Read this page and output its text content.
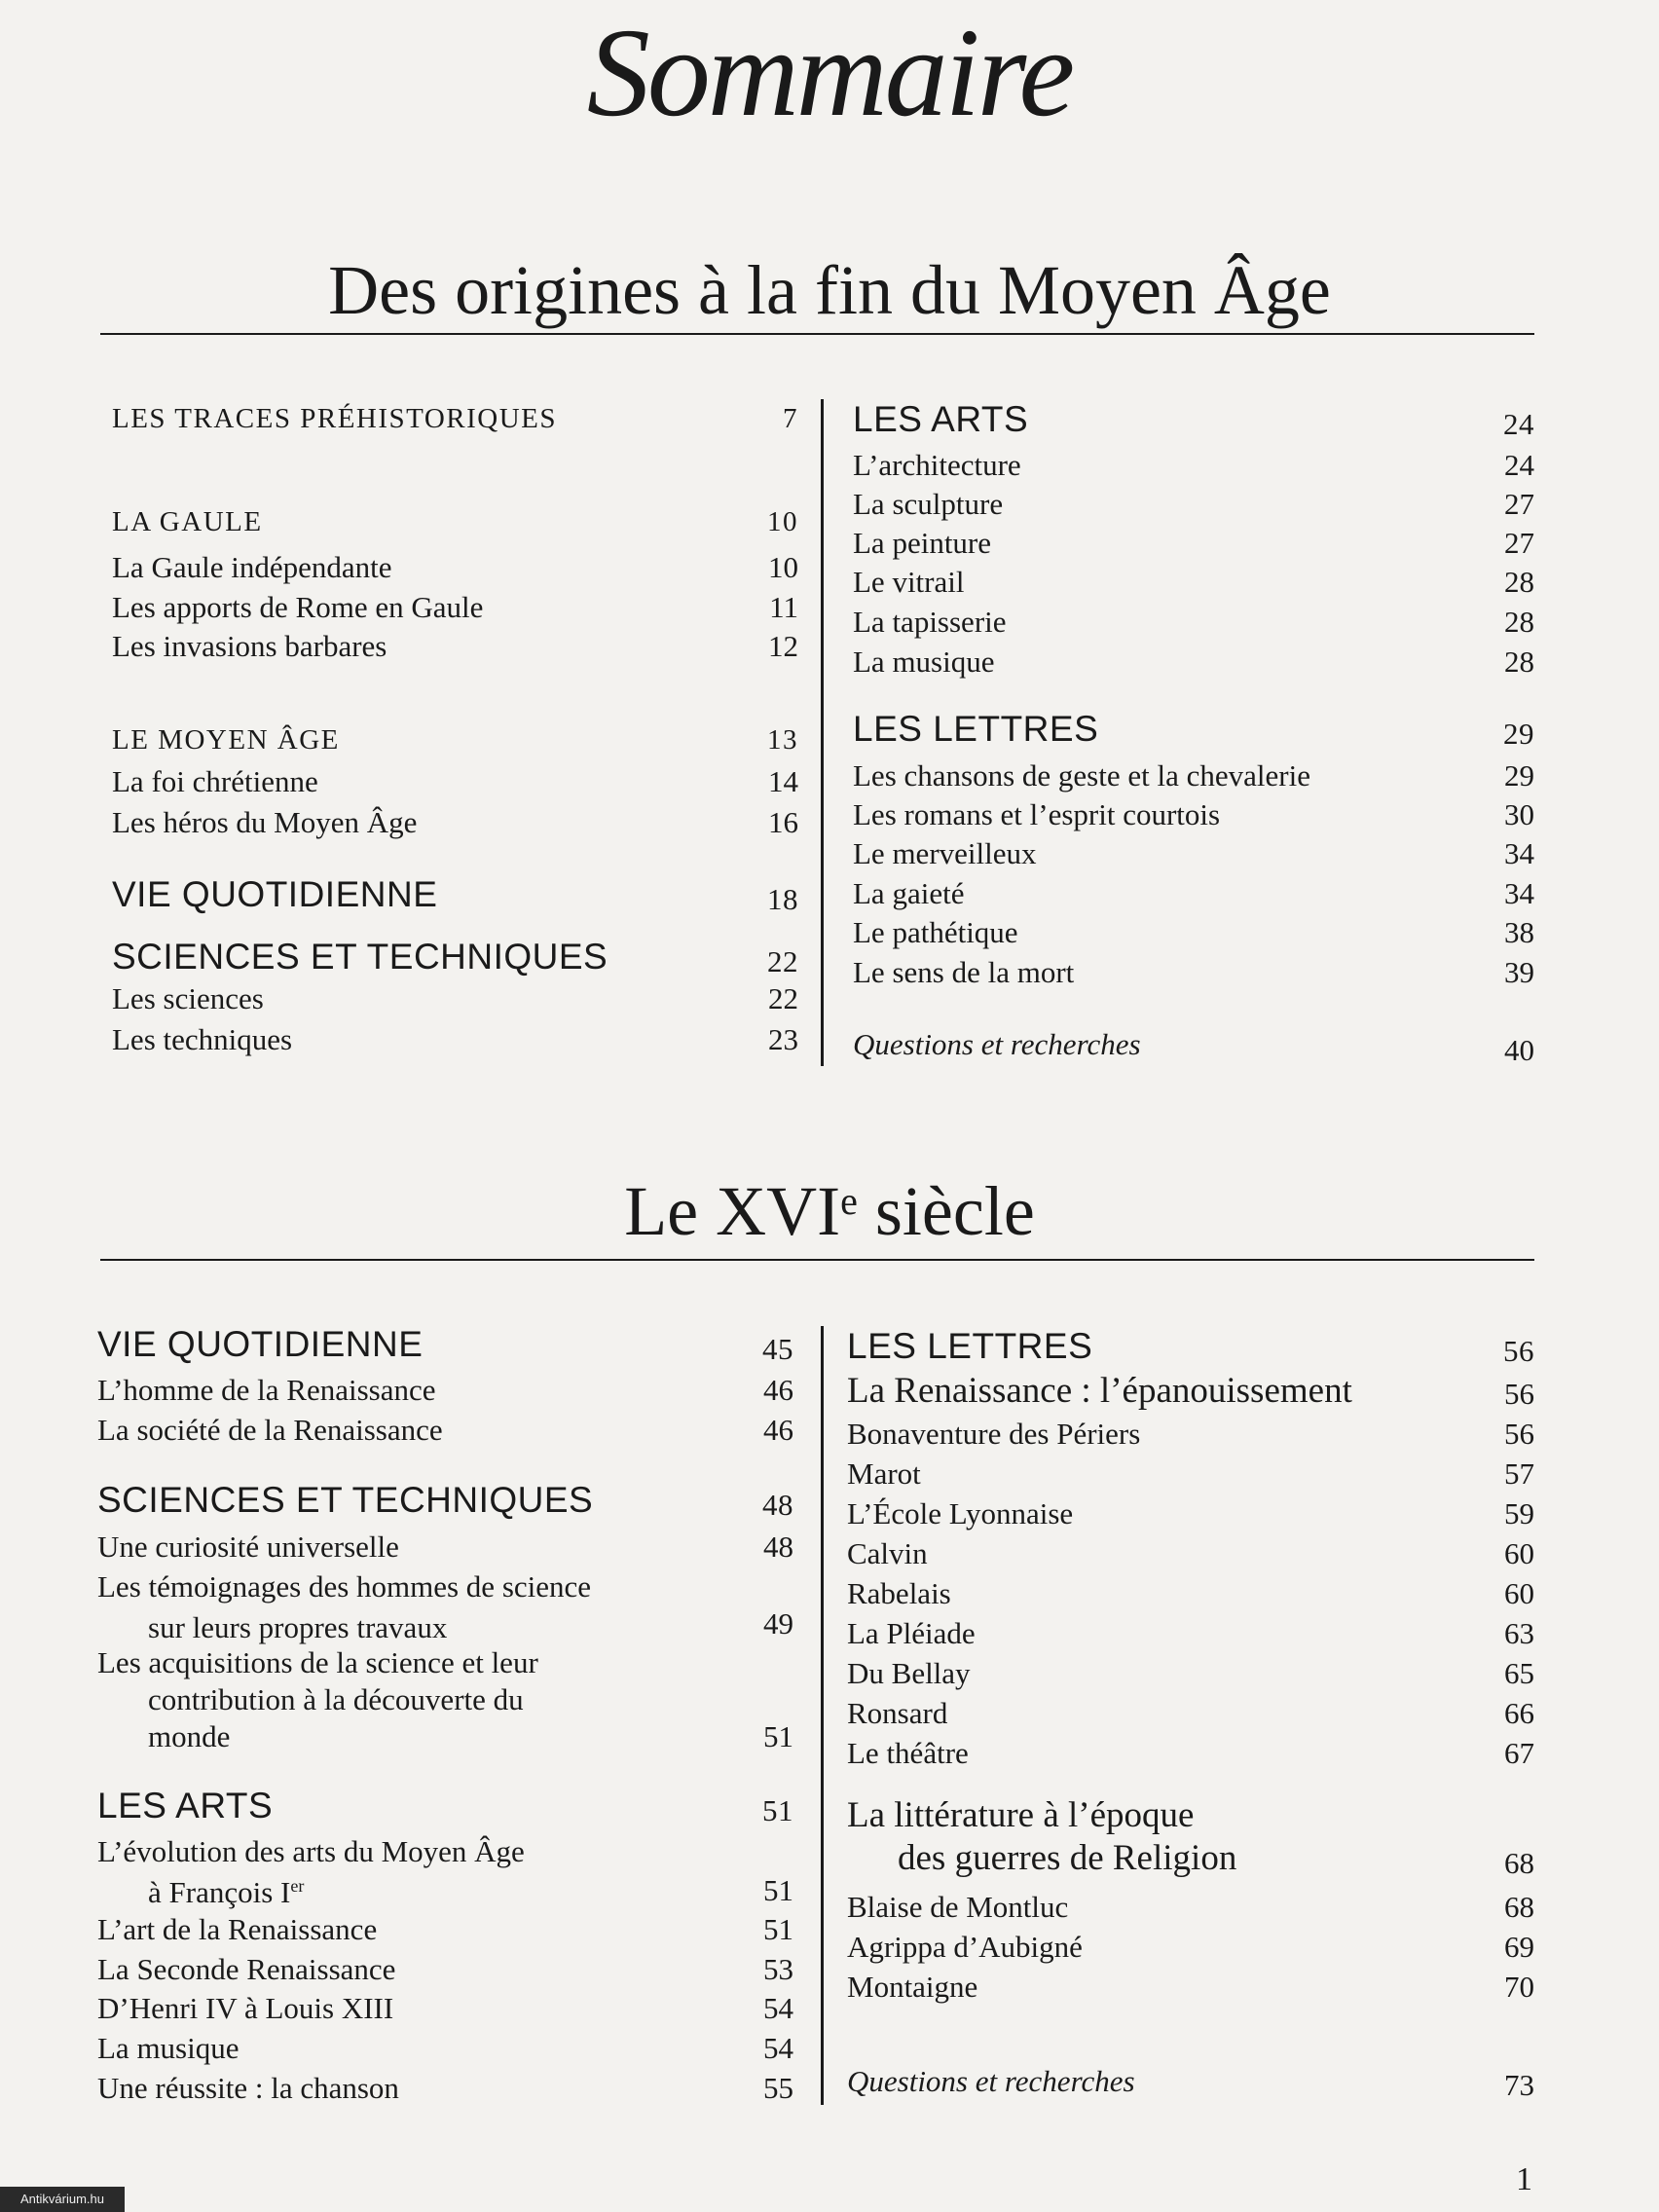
Sommaire
Des origines à la fin du Moyen Âge
LES TRACES PRÉHISTORIQUES	7
LA GAULE	10
La Gaule indépendante	10
Les apports de Rome en Gaule	11
Les invasions barbares	12
LE MOYEN ÂGE	13
La foi chrétienne	14
Les héros du Moyen Âge	16
VIE QUOTIDIENNE	18
SCIENCES ET TECHNIQUES	22
Les sciences	22
Les techniques	23
LES ARTS	24
L’architecture	24
La sculpture	27
La peinture	27
Le vitrail	28
La tapisserie	28
La musique	28
LES LETTRES	29
Les chansons de geste et la chevalerie	29
Les romans et l’esprit courtois	30
Le merveilleux	34
La gaieté	34
Le pathétique	38
Le sens de la mort	39
Questions et recherches	40
Le XVIe siècle
VIE QUOTIDIENNE	45
L’homme de la Renaissance	46
La société de la Renaissance	46
SCIENCES ET TECHNIQUES	48
Une curiosité universelle	48
Les témoignages des hommes de science
sur leurs propres travaux	49
Les acquisitions de la science et leur
contribution à la découverte du
monde	51
LES ARTS	51
L’évolution des arts du Moyen Âge
à François Ier	51
L’art de la Renaissance	51
La Seconde Renaissance	53
D’Henri IV à Louis XIII	54
La musique	54
Une réussite : la chanson	55
LES LETTRES	56
La Renaissance : l’épanouissement	56
Bonaventure des Périers	56
Marot	57
L’École Lyonnaise	59
Calvin	60
Rabelais	60
La Pléiade	63
Du Bellay	65
Ronsard	66
Le théâtre	67
La littérature à l’époque
des guerres de Religion	68
Blaise de Montluc	68
Agrippa d’Aubigné	69
Montaigne	70
Questions et recherches	73
1
Antikvárium.hu
